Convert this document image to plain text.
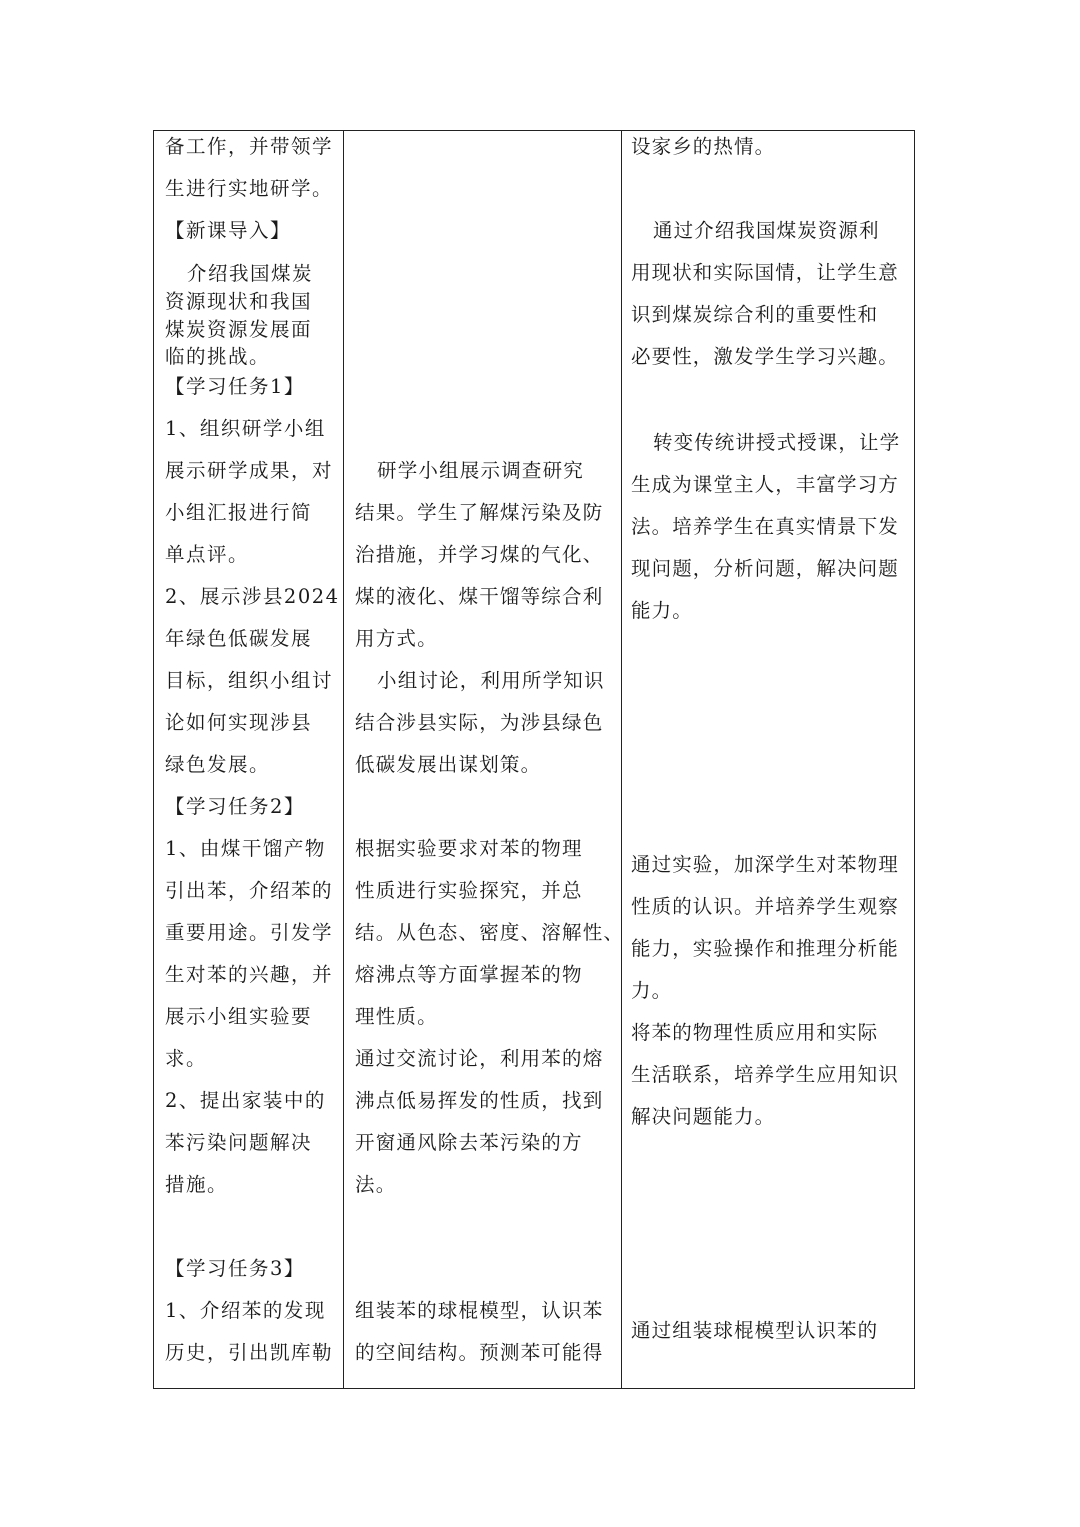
备工作，并带领学
生进行实地研学。
【新课导入】
介绍我国煤炭
资源现状和我国
煤炭资源发展面
临的挑战。
【学习任务1】
1、组织研学小组
展示研学成果，对
小组汇报进行简
单点评。
2、展示涉县2024
年绿色低碳发展
目标，组织小组讨
论如何实现涉县
绿色发展。
【学习任务2】
1、由煤干馏产物
引出苯，介绍苯的
重要用途。引发学
生对苯的兴趣，并
展示小组实验要
求。
2、提出家装中的
苯污染问题解决
措施。
【学习任务3】
1、介绍苯的发现
历史，引出凯库勒
研学小组展示调查研究
结果。学生了解煤污染及防
治措施，并学习煤的气化、
煤的液化、煤干馏等综合利
用方式。
小组讨论，利用所学知识
结合涉县实际，为涉县绿色
低碳发展出谋划策。
根据实验要求对苯的物理
性质进行实验探究，并总
结。从色态、密度、溶解性、
熔沸点等方面掌握苯的物
理性质。
通过交流讨论，利用苯的熔
沸点低易挥发的性质，找到
开窗通风除去苯污染的方
法。
组装苯的球棍模型，认识苯
的空间结构。预测苯可能得
设家乡的热情。
通过介绍我国煤炭资源利
用现状和实际国情，让学生意
识到煤炭综合利的重要性和
必要性，激发学生学习兴趣。
转变传统讲授式授课，让学
生成为课堂主人，丰富学习方
法。培养学生在真实情景下发
现问题，分析问题，解决问题
能力。
通过实验，加深学生对苯物理
性质的认识。并培养学生观察
能力，实验操作和推理分析能
力。
将苯的物理性质应用和实际
生活联系，培养学生应用知识
解决问题能力。
通过组装球棍模型认识苯的
